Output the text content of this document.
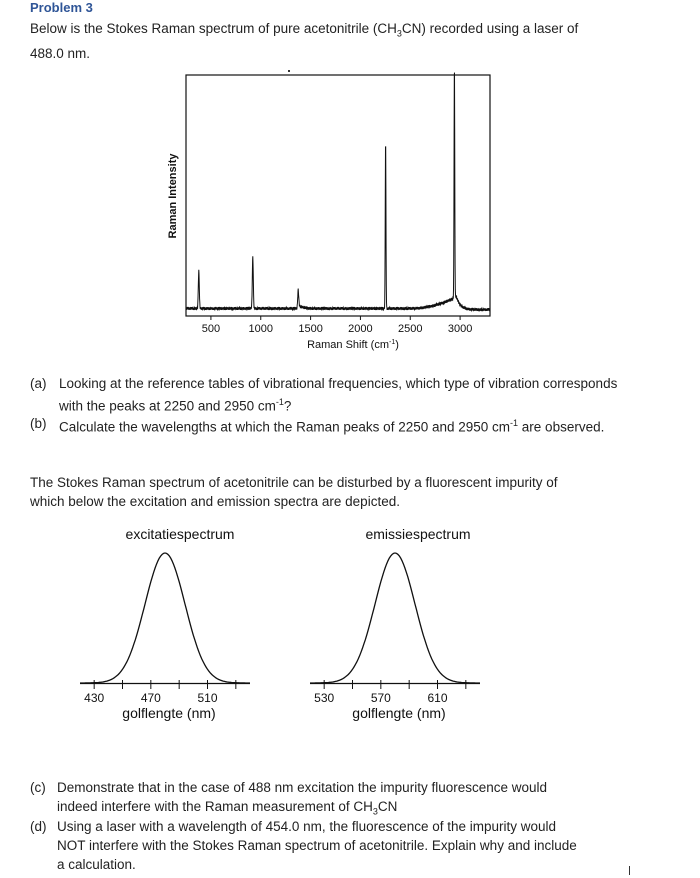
Problem 3
Below is the Stokes Raman spectrum of pure acetonitrile $(CH_3CN)$ recorded using a laser of
488.0 nm.
500	1000 1500 2000 2500 3000
Raman Intensity
Raman Shift $(cm^{-1})$
(a) Looking at the reference tables of vibrational frequencies, which type of vibration corresponds with the peaks at 2250 and 2950 $cm^{-1}$?
(b) Calculate the wavelengths at which the Raman peaks of 2250 and 2950 $cm^{-1}$ are observed.
The Stokes Raman spectrum of acetonitrile can be disturbed by a fluorescent impurity of
which below the excitation and emission spectra are depicted.
excitatiespectrum
430	470	510
golflengte (nm)
emissiespectrum
530	570	610
golflengte (nm)
(c) Demonstrate that in the case of 488 nm excitation the impurity fluorescence would
indeed interfere with the Raman measurement of $CH_3CN$
(d) Using a laser with a wavelength of 454.0 nm, the fluorescence of the impurity would
NOT interfere with the Stokes Raman spectrum of acetonitrile. Explain why and include
a calculation.
